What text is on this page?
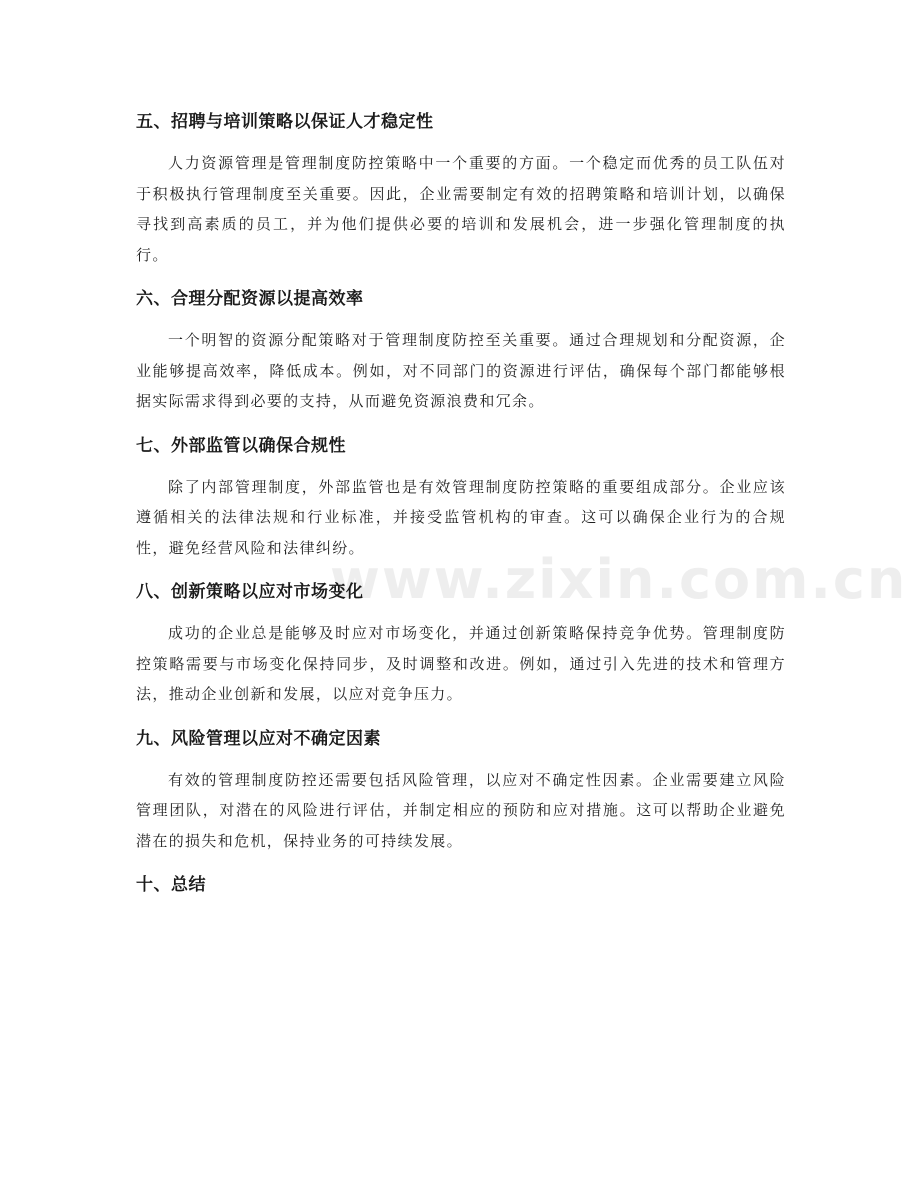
www.zixin.com.cn
五、招聘与培训策略以保证人才稳定性

人力资源管理是管理制度防控策略中一个重要的方面。一个稳定而优秀的员工队伍对于积极执行管理制度至关重要。因此，企业需要制定有效的招聘策略和培训计划，以确保寻找到高素质的员工，并为他们提供必要的培训和发展机会，进一步强化管理制度的执行。

六、合理分配资源以提高效率

一个明智的资源分配策略对于管理制度防控至关重要。通过合理规划和分配资源，企业能够提高效率，降低成本。例如，对不同部门的资源进行评估，确保每个部门都能够根据实际需求得到必要的支持，从而避免资源浪费和冗余。

七、外部监管以确保合规性

除了内部管理制度，外部监管也是有效管理制度防控策略的重要组成部分。企业应该遵循相关的法律法规和行业标准，并接受监管机构的审查。这可以确保企业行为的合规性，避免经营风险和法律纠纷。

八、创新策略以应对市场变化

成功的企业总是能够及时应对市场变化，并通过创新策略保持竞争优势。管理制度防控策略需要与市场变化保持同步，及时调整和改进。例如，通过引入先进的技术和管理方法，推动企业创新和发展，以应对竞争压力。

九、风险管理以应对不确定因素

有效的管理制度防控还需要包括风险管理，以应对不确定性因素。企业需要建立风险管理团队，对潜在的风险进行评估，并制定相应的预防和应对措施。这可以帮助企业避免潜在的损失和危机，保持业务的可持续发展。

十、总结
